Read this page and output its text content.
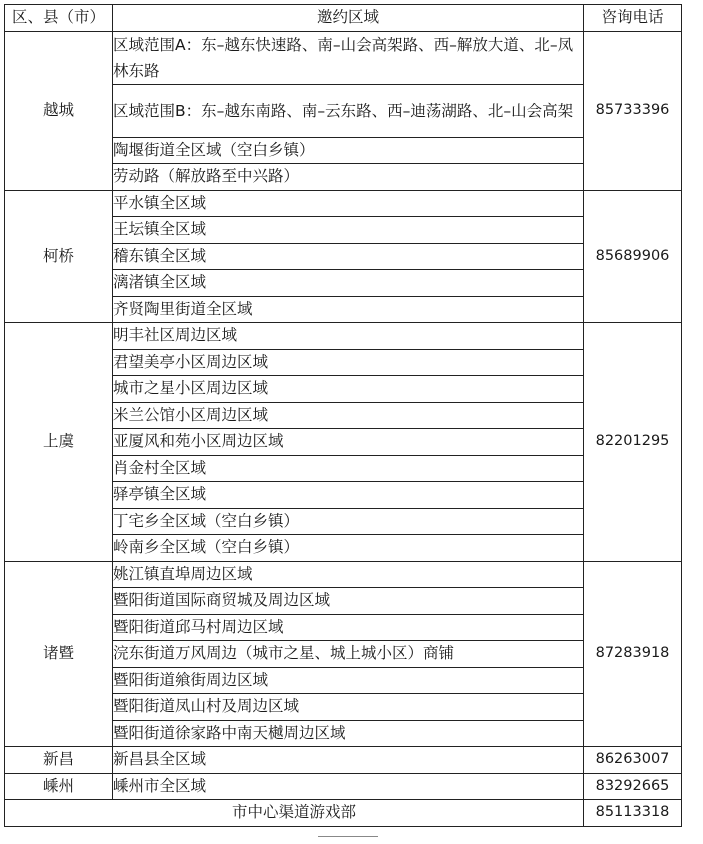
区、县（市）	邀约区域	咨询电话
越城	区域范围A：东–越东快速路、南–山会高架路、西–解放大道、北–凤林东路	85733396
	区域范围B：东–越东南路、南–云东路、西–迪荡湖路、北–山会高架	
	陶堰街道全区域（空白乡镇）	
	劳动路（解放路至中兴路）	
柯桥	平水镇全区域	85689906
	王坛镇全区域	
	稽东镇全区域	
	漓渚镇全区域	
	齐贤陶里街道全区域	
上虞	明丰社区周边区域	82201295
	君望美亭小区周边区域	
	城市之星小区周边区域	
	米兰公馆小区周边区域	
	亚厦风和苑小区周边区域	
	肖金村全区域	
	驿亭镇全区域	
	丁宅乡全区域（空白乡镇）	
	岭南乡全区域（空白乡镇）	
诸暨	姚江镇直埠周边区域	87283918
	暨阳街道国际商贸城及周边区域	
	暨阳街道邱马村周边区域	
	浣东街道万风周边（城市之星、城上城小区）商铺	
	暨阳街道飨街周边区域	
	暨阳街道凤山村及周边区域	
	暨阳街道徐家路中南天樾周边区域	
新昌	新昌县全区域	86263007
嵊州	嵊州市全区域	83292665
市中心渠道游戏部		85113318
